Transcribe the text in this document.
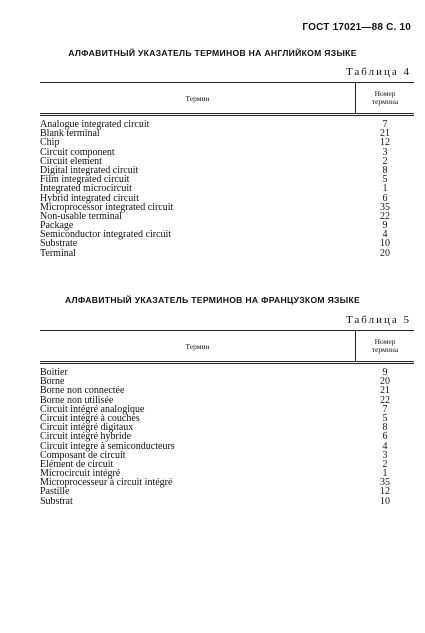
ГОСТ 17021—88 С. 10
АЛФАВИТНЫЙ УКАЗАТЕЛЬ ТЕРМИНОВ НА АНГЛИЙКОМ ЯЗЫКЕ
Таблица 4
Термин	Номер
термина
Analogue integrated circuit	7
Blank terminal	21
Chip	12
Circuit component	3
Circuit element	2
Digital integrated circuit	8
Film integrated circuit	5
Integrated microcircuit	1
Hybrid integrated circuit	6
Microprocessor integrated circuit	35
Non-usable terminal	22
Package	9
Semiconductor integrated circuit	4
Substrate	10
Terminal	20
АЛФАВИТНЫЙ УКАЗАТЕЛЬ ТЕРМИНОВ НА ФРАНЦУЗКОМ ЯЗЫКЕ
Таблица 5
Термин	Номер
термина
Boitier	9
Borne	20
Borne non connectée	21
Borne non utilisée	22
Circuit intégré analogique	7
Circuit intégré à couches	5
Circuit intégré digitaux	8
Circuit intégré hybride	6
Circuit integre à semiconducteurs	4
Composant de circuit	3
Elément de circuit	2
Microcircuit intégré	1
Microprocesseur à circuit intégré	35
Pastille	12
Substrat	10
